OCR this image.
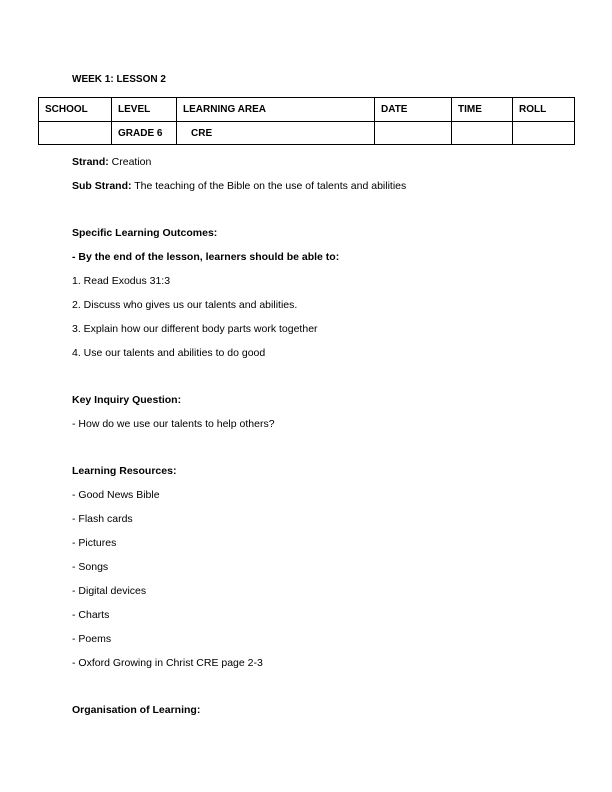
WEEK 1: LESSON 2
SCHOOL	LEVEL	LEARNING AREA	DATE	TIME	ROLL
	GRADE 6	CRE			
Strand: Creation
Sub Strand: The teaching of the Bible on the use of talents and abilities
Specific Learning Outcomes:
- By the end of the lesson, learners should be able to:
1. Read Exodus 31:3
2. Discuss who gives us our talents and abilities.
3. Explain how our different body parts work together
4. Use our talents and abilities to do good
Key Inquiry Question:
- How do we use our talents to help others?
Learning Resources:
- Good News Bible
- Flash cards
- Pictures
- Songs
- Digital devices
- Charts
- Poems
- Oxford Growing in Christ CRE page 2-3
Organisation of Learning:
